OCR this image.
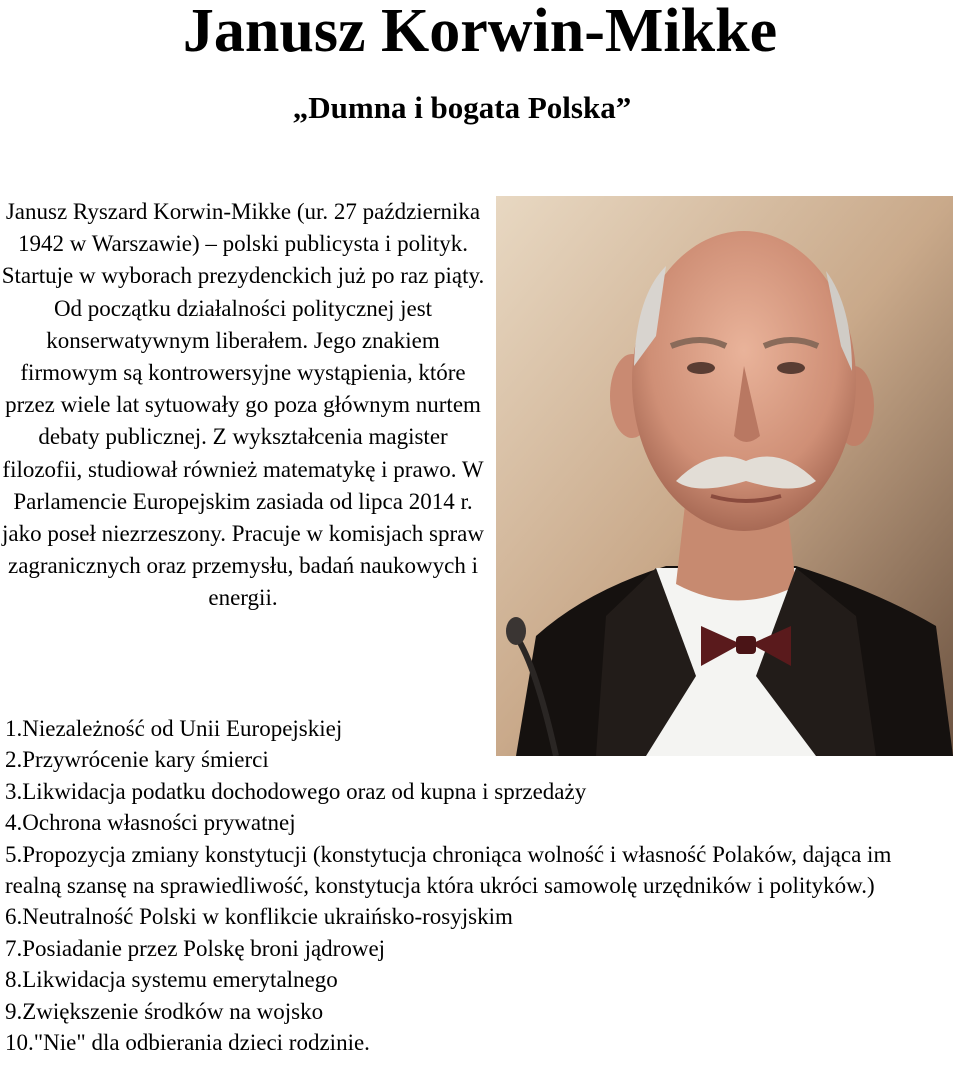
Janusz Korwin-Mikke
„Dumna i bogata Polska”
Janusz Ryszard Korwin-Mikke (ur. 27 października 1942 w Warszawie) – polski publicysta i polityk. Startuje w wyborach prezydenckich już po raz piąty. Od początku działalności politycznej jest konserwatywnym liberałem. Jego znakiem firmowym są kontrowersyjne wystąpienia, które przez wiele lat sytuowały go poza głównym nurtem debaty publicznej. Z wykształcenia magister filozofii, studiował również matematykę i prawo. W Parlamencie Europejskim zasiada od lipca 2014 r. jako poseł niezrzeszony. Pracuje w komisjach spraw zagranicznych oraz przemysłu, badań naukowych i energii.
1.Niezależność od Unii Europejskiej
2.Przywrócenie kary śmierci
3.Likwidacja podatku dochodowego oraz od kupna i sprzedaży
4.Ochrona własności prywatnej
5.Propozycja zmiany konstytucji (konstytucja chroniąca wolność i własność Polaków, dająca im realną szansę na sprawiedliwość, konstytucja która ukróci samowolę urzędników i polityków.)
6.Neutralność Polski w konflikcie ukraińsko-rosyjskim
7.Posiadanie przez Polskę broni jądrowej
8.Likwidacja systemu emerytalnego
9.Zwiększenie środków na wojsko
10."Nie" dla odbierania dzieci rodzinie.
